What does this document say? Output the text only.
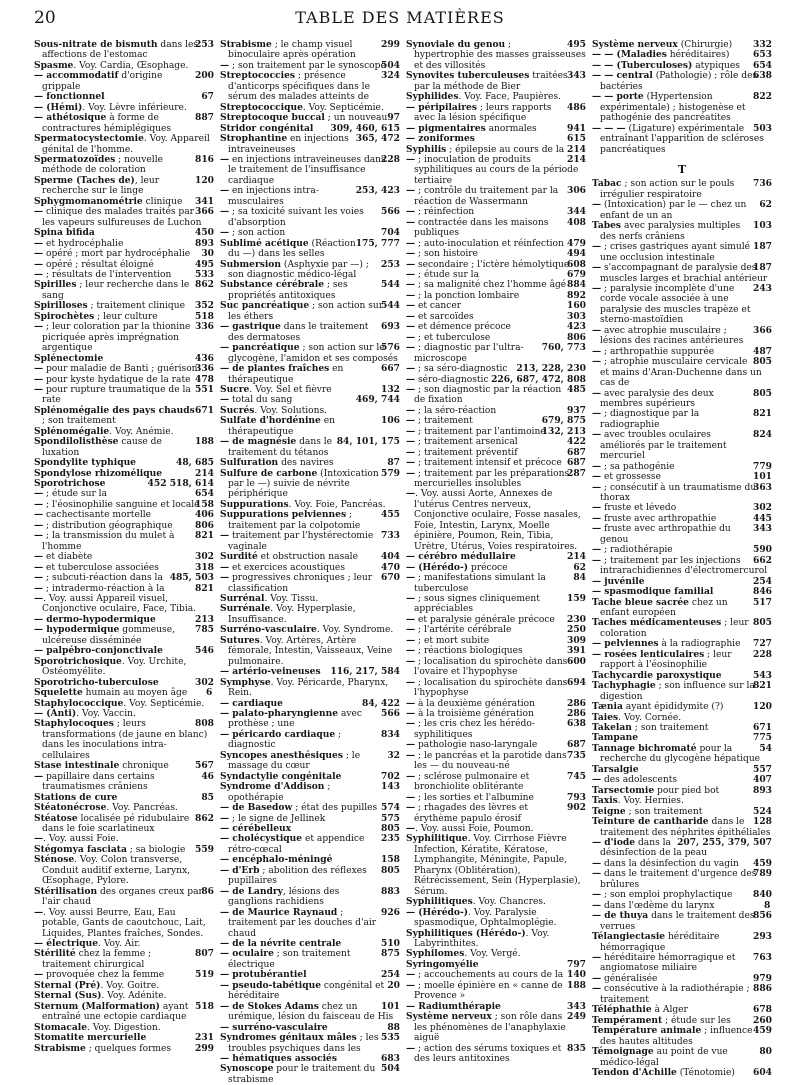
20	TABLE DES MATIÈRES
253
Sous-nitrate de bismuth dans les affections de l'estomac
Spasme. Voy. Cardia, Œsophage.
200
— accommodatif d'origine grippale
67
— fonctionnel
— (Hémi). Voy. Lèvre inférieure.
887
— athétosique à forme de contractures hémiplégiques
Spermatocystectomie. Voy. Appareil génital de l'homme.
816
Spermatozoïdes ; nouvelle méthode de coloration
120
Sperme (Taches de), leur recherche sur le linge
341
Sphygmomanométrie clinique
366
— clinique des malades traités par les vapeurs sulfureuses de Luchon
450
Spina bifida
893
— et hydrocéphalie
30
— opéré ; mort par hydrocéphalie
495
— opéré ; résultat éloigné
533
— ; résultats de l'intervention
862
Spirilles ; leur recherche dans le sang
352
Spirilloses ; traitement clinique
518
Spirochètes ; leur culture
336
— ; leur coloration par la thionine picriquée après imprégnation argentique
436
Splénectomie
336
— pour maladie de Banti ; guérison
478
— pour kyste hydatique de la rate
551
— pour rupture traumatique de la rate
671
Splénomégalie des pays chauds ; son traitement
Splénomégalie. Voy. Anémie.
188
Spondilolisthèse cause de luxation
48, 685
Spondylite typhique
214
Spondylose rhizomélique
452 518, 614
Sporotrichose
654
— ; étude sur la
158
— ; l'éosinophilie sanguine et locale
406
— cachectisante mortelle
806
— ; distribution géographique
821
— ; la transmission du mulet à l'homme
302
— et diabète
318
— et tuberculose associées
485, 503
— ; subcuti-réaction dans la
821
— ; intradermo-réaction à la
—. Voy. aussi Appareil visuel, Conjonctive oculaire, Face, Tibia.
213
— dermo-hypodermique
785
— hypodermique gommeuse, ulcéreuse disséminée
546
— palpébro-conjonctivale
Sporotrichosique. Voy. Urchite, Ostéomyélite.
302
Sporotricho-tuberculose
6
Squelette humain au moyen âge
Staphylococcique. Voy. Septicémie.
— (Anti). Voy. Vaccin.
808
Staphylocoques ; leurs transformations (de jaune en blanc) dans les inoculations intra-cellulaires
567
Stase intestinale chronique
46
— papillaire dans certains traumatismes crâniens
85
Stations de cure
Stéatonécrose. Voy. Pancréas.
862
Stéatose localisée pé ridubulaire dans le foie scarlatineux
—. Voy. aussi Foie.
559
Stégomya fasciata ; sa biologie
Sténose. Voy. Colon transverse, Conduit auditif externe, Larynx, Œsophage, Pylore.
86
Stérilisation des organes creux par l'air chaud
—. Voy. aussi Beurre, Eau, Eau potable, Gants de caoutchouc, Lait, Liquides, Plantes fraîches, Sondes.
— électrique. Voy. Air.
807
Stérilité chez la femme ; traitement chirurgical
519
— provoquée chez la femme
Sternal (Pré). Voy. Goitre.
Sternal (Sus). Voy. Adénite.
518
Sternum (Malformation) ayant entraîné une ectopie cardiaque
Stomacale. Voy. Digestion.
231
Stomatite mercurielle
299
Strabisme ; quelques formes
299
Strabisme ; le champ visuel binoculaire après opération
504
— ; son traitement par le synoscope
324
Streptococcies ; présence d'anticorps spécifiques dans le sérum des malades atteints de
Streptococcique. Voy. Septicémie.
97
Streptocoque buccal ; un nouveau
309, 460, 615
Stridor congénital
365, 472
Strophantine en injections intraveineuses
228
— en injections intraveineuses dans le traitement de l'insuffisance cardiaque
253, 423
— en injections intra-musculaires
566
— ; sa toxicité suivant les voies d'absorption
704
— ; son action
175, 777
Sublimé acétique (Réaction du —) dans les selles
253
Submersion (Asphyxie par —) ; son diagnostic médico-légal
544
Substance cérébrale ; ses propriétés antitoxiques
544
Suc pancréatique ; son action sur les éthers
693
— gastrique dans le traitement des dermatoses
576
— pancréatique ; son action sur le glycogène, l'amidon et ses composés
667
— de plantes fraîches en thérapeutique
132
Sucre. Voy. Sel et fièvre
469, 744
— total du sang
Sucrés. Voy. Solutions.
106
Sulfate d'hordénine en thérapeutique
84, 101, 175
— de magnésie dans le traitement du tétanos
87
Sulfuration des navires
579
Sulfure de carbone (Intoxication par le —) suivie de névrite périphérique
Suppurations. Voy. Foie, Pancréas.
455
Suppurations pelviennes ; traitement par la colpotomie
733
— traitement par l'hystérectomie vaginale
404
Surdité et obstruction nasale
470
— et exercices acoustiques
670
— progressives chroniques ; leur classification
Surrénal. Voy. Tissu.
Surrénale. Voy. Hyperplasie, Insuffisance.
Surréno-vasculaire. Voy. Syndrome.
Sutures. Voy. Artères, Artère fémorale, Intestin, Vaisseaux, Veine pulmonaire.
116, 217, 584
— artério-veineuses
Symphyse. Voy. Péricarde, Pharynx, Rein.
84, 422
— cardiaque
566
— palato-pharyngienne avec prothèse ; une
834
— péricardo cardiaque ; diagnostic
32
Syncopes anesthésiques ; le massage du cœur
702
Syndactylie congénitale
143
Syndrome d'Addison ; opothérapie
574
— de Basedow ; état des pupilles
575
— ; le signe de Jellinek
805
— cérébelleux
235
— cholécystique et appendice rétro-cœcal
158
— encéphalo-méningé
805
— d'Erb ; abolition des réflexes pupillaires
883
— de Landry, lésions des ganglions rachidiens
926
— de Maurice Raynaud ; traitement par les douches d'air chaud
510
— de la névrite centrale
875
— oculaire ; son traitement électrique
254
— protubérantiel
20
— pseudo-tabétique congénital et héréditaire
101
— de Stokes Adams chez un urémique, lésion du faisceau de His
88
— surréno-vasculaire
535
Syndromes génitaux mâles ; les troubles psychiques dans les
683
— hématiques associés
504
Synoscope pour le traitement du strabisme
495
Synoviale du genou ; hypertrophie des masses graisseuses et des villosités
343
Synovites tuberculeuses traitées par la méthode de Bier
Syphilides. Voy. Face, Paupières.
486
— péripilaires ; leurs rapports avec la lésion spécifique
941
— pigmentaires anormales
615
— zoniformes
214
Syphilis ; épilepsie au cours de la
214
— ; inoculation de produits syphilitiques au cours de la période tertiaire
306
— ; contrôle du traitement par la réaction de Wassermann
344
— ; réinfection
408
— contractée dans les maisons publiques
479
— ; auto-inoculation et réinfection
494
— ; son histoire
608
— secondaire ; l'ictère hémolytique
679
— ; étude sur la
884
— ; sa malignité chez l'homme âgé
892
— ; la ponction lombaire
160
— et cancer
303
— et sarcoïdes
423
— et démence précoce
806
— ; et tuberculose
760, 773
— ; diagnostic par l'ultra-microscope
213, 228, 230
— ; sa séro-diagnostic
226, 687, 472, 808
— séro-diagnostic
485
— ; son diagnostic par la réaction de fixation
937
— ; la séro-réaction
679, 875
— ; traitement
132, 213
— ; traitement par l'antimoine
422
— ; traitement arsenical
687
— ; traitement préventif
687
— ; traitement intensif et précoce
287
— ; traitement par les préparations mercurielles insolubles
—. Voy. aussi Aorte, Annexes de l'utérus Centres nerveux, Conjonctive oculaire, Fosse nasales, Foie, Intestin, Larynx, Moelle épinière, Poumon, Rein, Tibia, Urètre, Utérus, Voies respiratoires.
214
— cérébro médullaire
62
— (Hérédo-) précoce
84
— ; manifestations simulant la tuberculose
159
— ; sous signes cliniquement appréciables
230
— et paralysie générale précoce
250
— ; l'artérite cérébrale
309
— ; et mort subite
391
— ; réactions biologiques
600
— ; localisation du spirochète dans l'ovaire et l'hypophyse
694
— ; localisation du spirochète dans l'hypophyse
286
— à la deuxième génération
286
— à la troisième génération
638
— ; les cris chez les hérédo-syphilitiques
687
— pathologie naso-laryngale
735
— ; le pancréas et la parotide dans les — du nouveau-né
745
— ; sclérose pulmonaire et bronchiolite oblitérante
793
— ; les sorties et l'albumine
902
— ; rhagades des lèvres et érythème papulo érosif
—. Voy. aussi Foie, Poumon.
Syphilitique. Voy. Cirrhose Fièvre Infection, Kératite, Kératose, Lymphangite, Méningite, Papule, Pharynx (Oblitération), Rétrécissement, Sein (Hyperplasie), Sérum.
Syphilitiques. Voy. Chancres.
— (Hérédo-). Voy. Paralysie spasmodique, Ophtalmoplégie.
Syphilitiques (Hérédo-). Voy. Labyrinthites.
Syphilomes. Voy. Vergé.
797
Syringomyélie
140
— ; accouchements au cours de la
188
— ; moelle épinière en « canne de Provence »
343
— Radiumthérapie
249
Système nerveux ; son rôle dans les phénomènes de l'anaphylaxie aiguë
835
— ; action des sérums toxiques et des leurs antitoxines
332
Système nerveux (Chirurgie)
653
— — (Maladies héréditaires)
654
— — (Tuberculoses) atypiques
638
— — central (Pathologie) ; rôle des bactéries
822
— — porte (Hypertension expérimentale) ; histogenèse et pathogénie des pancréatites
503
— — — (Ligature) expérimentale entraînant l'apparition de scléroses pancréatiques
T
736
Tabac ; son action sur le pouls irrégulier respiratoire
62
— (Intoxication) par le — chez un enfant de un an
103
Tabes avec paralysies multiples des nerfs crâniens
187
— ; crises gastriques ayant simulé une occlusion intestinale
187
— s'accompagnant de paralysie des muscles larges et brachial antérieur
243
— ; paralysie incomplète d'une corde vocale associée à une paralysie des muscles trapèze et sterno-mastoïdien
366
— avec atrophie musculaire ; lésions des racines antérieures
487
— ; arthropathie suppurée
805
— ; atrophie musculaire cervicale et mains d'Aran-Duchenne dans un cas de
805
— avec paralysie des deux membres supérieurs
821
— ; diagnostique par la radiographie
824
— avec troubles oculaires améliorés par le traitement mercuriel
779
— ; sa pathogénie
101
— et grossesse
363
— ; consécutif à un traumatisme du thorax
302
— fruste et lévedo
445
— fruste avec arthropathie
343
— fruste avec arthropathie du genou
590
— ; radiothérapie
662
— ; traitement par les injections intrarachidiennes d'électromercurol
254
— juvénile
846
— spasmodique familial
517
Tache bleue sacrée chez un enfant européen
805
Taches médicamenteuses ; leur coloration
727
— pelviennes à la radiographie
228
— rosées lenticulaires ; leur rapport à l'éosinophilie
543
Tachycardie paroxystique
821
Tachyphagie ; son influence sur la digestion
120
Tænia ayant épididymite (?)
Taies. Voy. Cornée.
671
Takelan ; son traitement
775
Tampane
54
Tannage bichromaté pour la recherche du glycogène hépatique
557
Tarsalgie
407
— des adolescents
893
Tarsectomie pour pied bot
Taxis. Voy. Hernies.
524
Teigne ; son traitement
128
Teinture de cantharide dans le traitement des néphrites épithéliales
207, 255, 379, 507
— d'iode dans la désinfection de la peau
459
— dans la désinfection du vagin
789
— dans le traitement d'urgence des brûlures
840
— ; son emploi prophylactique
8
— dans l'œdème du larynx
856
— de thuya dans le traitement des verrues
293
Télangiectasie héréditaire hémorragique
763
— héréditaire hémorragique et angiomatose miliaire
979
— généralisée
886
— consécutive à la radiothérapie ; traitement
678
Téléphathie à Alger
260
Tempérament ; étude sur les
459
Température animale ; influence des hautes altitudes
80
Témoignage au point de vue médico-légal
604
Tendon d'Achille (Ténotomie)
